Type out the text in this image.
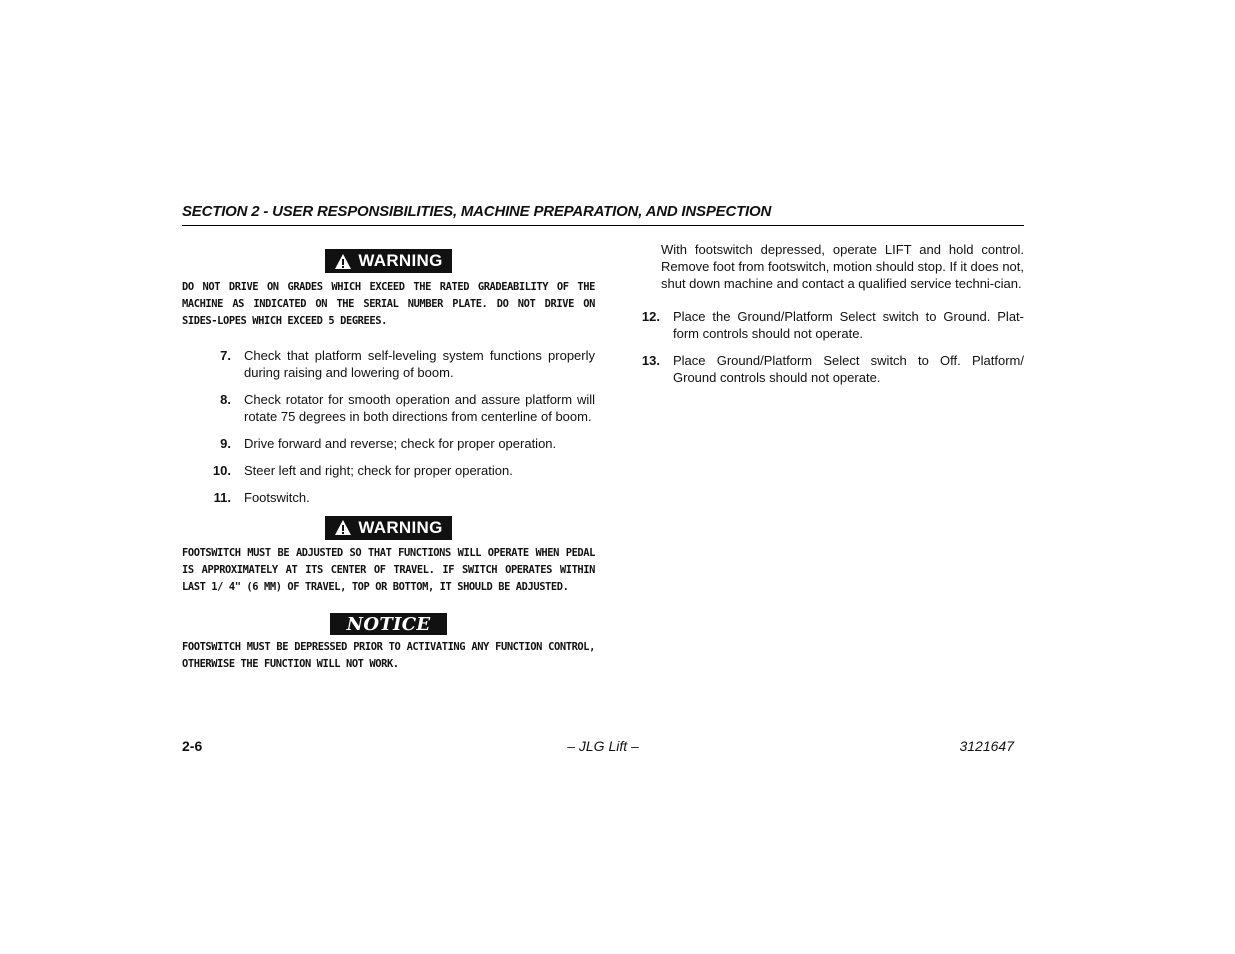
SECTION 2 - USER RESPONSIBILITIES, MACHINE PREPARATION, AND INSPECTION
WARNING

DO NOT DRIVE ON GRADES WHICH EXCEED THE RATED GRADEABILITY OF THE MACHINE AS INDICATED ON THE SERIAL NUMBER PLATE. DO NOT DRIVE ON SIDES-LOPES WHICH EXCEED 5 DEGREES.

7.	Check that platform self-leveling system functions properly during raising and lowering of boom.
8.	Check rotator for smooth operation and assure platform will rotate 75 degrees in both directions from centerline of boom.
9.	Drive forward and reverse; check for proper operation.
10.	Steer left and right; check for proper operation.
11.	Footswitch.
WARNING

FOOTSWITCH MUST BE ADJUSTED SO THAT FUNCTIONS WILL OPERATE WHEN PEDAL IS APPROXIMATELY AT ITS CENTER OF TRAVEL. IF SWITCH OPERATES WITHIN LAST 1/ 4" (6 MM) OF TRAVEL, TOP OR BOTTOM, IT SHOULD BE ADJUSTED.

NOTICE

FOOTSWITCH MUST BE DEPRESSED PRIOR TO ACTIVATING ANY FUNCTION CONTROL, OTHERWISE THE FUNCTION WILL NOT WORK.

With footswitch depressed, operate LIFT and hold control. Remove foot from footswitch, motion should stop. If it does not, shut down machine and contact a qualified service techni-cian.

12.	Place the Ground/Platform Select switch to Ground. Plat-form controls should not operate.
13.	Place Ground/Platform Select switch to Off. Platform/ Ground controls should not operate.
2-6	– JLG Lift –	3121647
